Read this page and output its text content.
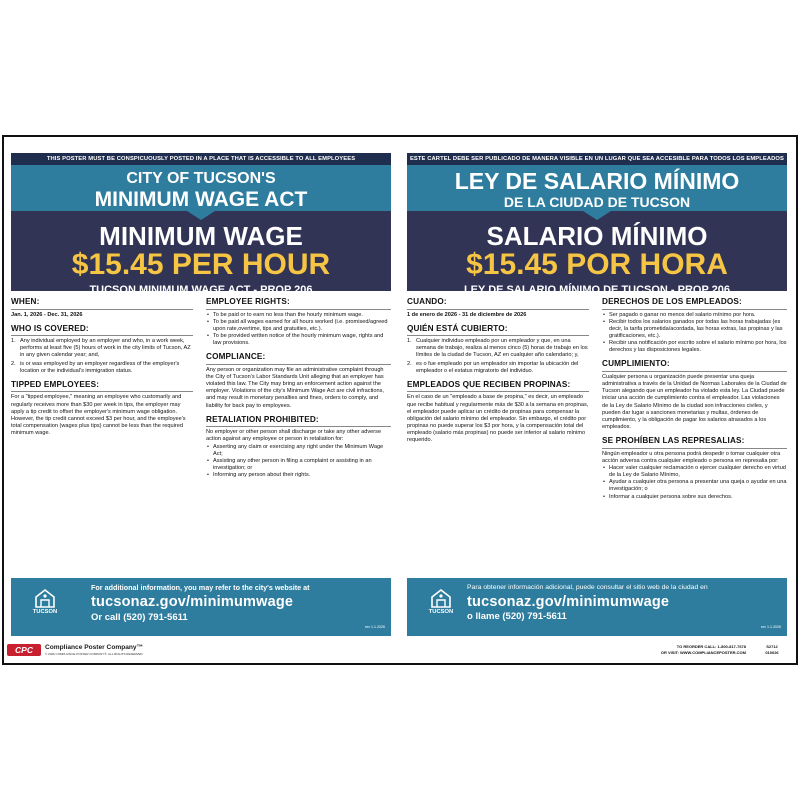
THIS POSTER MUST BE CONSPICUOUSLY POSTED IN A PLACE THAT IS ACCESSIBLE TO ALL EMPLOYEES
CITY OF TUCSON'S
MINIMUM WAGE ACT
MINIMUM WAGE
$15.45 PER HOUR
TUCSON MINIMUM WAGE ACT - PROP 206
WHEN:
Jan. 1, 2026 - Dec. 31, 2026
WHO IS COVERED:
1. Any individual employed by an employer and who, in a work week, performs at least five (5) hours of work in the city limits of Tucson, AZ in any given calendar year; and,
2. is or was employed by an employer regardless of the employer's location or the individual's immigration status.
TIPPED EMPLOYEES:
For a "tipped employee," meaning an employee who customarily and regularly receives more than $30 per week in tips, the employer may apply a tip credit to offset the employer's minimum wage obligation. However, the tip credit cannot exceed $3 per hour, and the employee's total compensation (wages plus tips) cannot be less than the required minimum wage.
EMPLOYEE RIGHTS:
• To be paid or to earn no less than the hourly minimum wage.
• To be paid all wages earned for all hours worked (i.e. promised/agreed upon rate,overtime, tips and gratuities, etc.).
• To be provided written notice of the hourly minimum wage, rights and law provisions.
COMPLIANCE:
Any person or organization may file an administrative complaint through the City of Tucson's Labor Standards Unit alleging that an employer has violated this law. The City may bring an enforcement action against the employer. Violations of the city's Minimum Wage Act are civil infractions, and may result in monetary penalties and fines, orders to comply, and liability for back pay to employees.
RETALIATION PROHIBITED:
No employer or other person shall discharge or take any other adverse action against any employee or person in retaliation for:
• Asserting any claim or exercising any right under the Minimum Wage Act;
• Assisting any other person in filing a complaint or assisting in an investigation; or
• Informing any person about their rights.
TUCSON
For additional information, you may refer to the city's website at
tucsonaz.gov/minimumwage
Or call (520) 791-5611
rev 1.1.2026
ESTE CARTEL DEBE SER PUBLICADO DE MANERA VISIBLE EN UN LUGAR QUE SEA ACCESIBLE PARA TODOS LOS EMPLEADOS
LEY DE SALARIO MÍNIMO
DE LA CIUDAD DE TUCSON
SALARIO MÍNIMO
$15.45 POR HORA
LEY DE SALARIO MÍNIMO DE TUCSON - PROP 206
CUANDO:
1 de enero de 2026 - 31 de diciembre de 2026
QUIÉN ESTÁ CUBIERTO:
1. Cualquier individuo empleado por un empleador y que, en una semana de trabajo, realiza al menos cinco (5) horas de trabajo en los límites de la ciudad de Tucson, AZ en cualquier año calendario; y,
2. es o fue empleado por un empleador sin importar la ubicación del empleador o el estatus migratorio del individuo.
EMPLEADOS QUE RECIBEN PROPINAS:
En el caso de un "empleado a base de propina," es decir, un empleado que recibe habitual y regularmente más de $30 a la semana en propinas, el empleador puede aplicar un crédito de propinas para compensar la obligación del salario mínimo del empleador. Sin embargo, el crédito por propinas no puede superar los $3 por hora, y la compensación total del empleado (salario más propinas) no puede ser inferior al salario mínimo requerido.
DERECHOS DE LOS EMPLEADOS:
• Ser pagado o ganar no menos del salario mínimo por hora.
• Recibir todos los salarios ganados por todas las horas trabajadas (es decir, la tarifa prometida/acordada, las horas extras, las propinas y las gratificaciones, etc.).
• Recibir una notificación por escrito sobre el salario mínimo por hora, los derechos y las disposiciones legales.
CUMPLIMIENTO:
Cualquier persona u organización puede presentar una queja administrativa a través de la Unidad de Normas Laborales de la Ciudad de Tucson alegando que un empleador ha violado esta ley. La Ciudad puede iniciar una acción de cumplimiento contra el empleador. Las violaciones de la Ley de Salario Mínimo de la ciudad son infracciones civiles, y pueden dar lugar a sanciones monetarias y multas, órdenes de cumplimiento, y la obligación de pagar los salarios atrasados a los empleados.
SE PROHÍBEN LAS REPRESALIAS:
Ningún empleador u otra persona podrá despedir o tomar cualquier otra acción adversa contra cualquier empleado o persona en represalia por:
• Hacer valer cualquier reclamación o ejercer cualquier derecho en virtud de la Ley de Salario Mínimo,
• Ayudar a cualquier otra persona a presentar una queja o ayudar en una investigación; o
• Informar a cualquier persona sobre sus derechos.
TUCSON
Para obtener información adicional, puede consultar el sitio web de la ciudad en
tucsonaz.gov/minimumwage
o llame (520) 791-5611
rev 1.1.2026
CPC	Compliance Poster Company™
© 2026 COMPLIANCE POSTER COMPANY®. ALL RIGHTS RESERVED
TO REORDER CALL: 1-800-817-7678
OR VISIT: WWW.COMPLIANCEPOSTER.COM
S2712
010026
